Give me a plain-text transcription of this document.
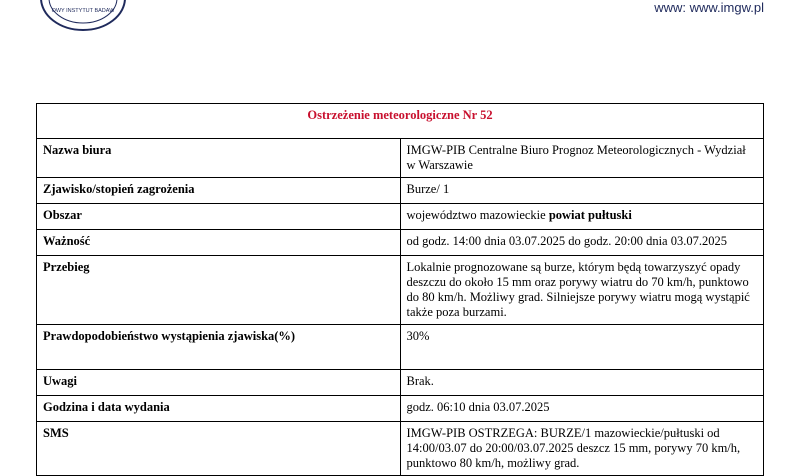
OWY INSTYTUT BADAW	www: www.imgw.pl
Ostrzeżenie meteorologiczne Nr 52	
Nazwa biura	IMGW-PIB Centralne Biuro Prognoz Meteorologicznych - Wydział w Warszawie
Zjawisko/stopień zagrożenia	Burze/ 1
Obszar	województwo mazowieckie powiat pułtuski
Ważność	od godz. 14:00 dnia 03.07.2025 do godz. 20:00 dnia 03.07.2025
Przebieg	Lokalnie prognozowane są burze, którym będą towarzyszyć opady deszczu do około 15 mm oraz porywy wiatru do 70 km/h, punktowo do 80 km/h. Możliwy grad. Silniejsze porywy wiatru mogą wystąpić także poza burzami.
Prawdopodobieństwo wystąpienia zjawiska(%)	30%
Uwagi	Brak.
Godzina i data wydania	godz. 06:10 dnia 03.07.2025
SMS	IMGW-PIB OSTRZEGA: BURZE/1 mazowieckie/pułtuski od 14:00/03.07 do 20:00/03.07.2025 deszcz 15 mm, porywy 70 km/h, punktowo 80 km/h, możliwy grad.
